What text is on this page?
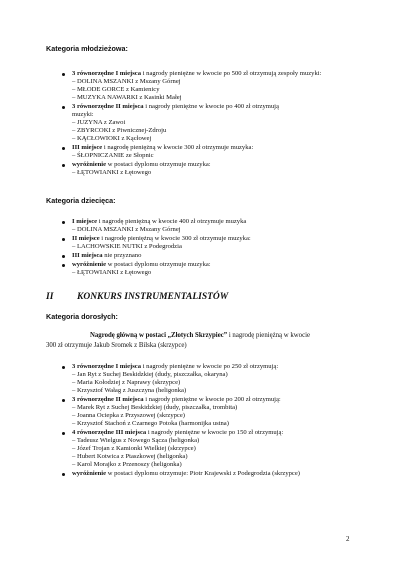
Kategoria młodzieżowa:
3 równorzędne I miejsca i nagrody pieniężne w kwocie po 500 zł otrzymują zespoły muzyki:
– DOLINA MSZANKI z Mszany Górnej
– MŁODE GORCE z Kamienicy
– MUZYKA NAWARKI z Kasinki Małej
3 równorzędne II miejsca i nagrody pieniężne w kwocie po 400 zł otrzymują
muzyki:
– JUZYNA z Zawoi
– ZBYRCOKI z Piwnicznej-Zdroju
– KĄCŁOWIOKI z Kącłowej
III miejsce i nagrodę pieniężną w kwocie 300 zł otrzymuje muzyka:
– ŚŁOPNICZANIE ze Słopnic
wyróżnienie w postaci dyplomu otrzymuje muzyka:
– ŁĘTOWIANKI z Łętowego
Kategoria dziecięca:
I miejsce i nagrodę pieniężną w kwocie 400 zł otrzymuje muzyka
– DOLINA MSZANKI z Mszany Górnej
II miejsce i nagrodę pieniężną w kwocie 300 zł otrzymuje muzyka:
– LACHOWSKIE NUTKI z Podegrodzia
III miejsca nie przyznano
wyróżnienie w postaci dyplomu otrzymuje muzyka:
– ŁĘTOWIANKI z Łętowego
II KONKURS INSTRUMENTALISTÓW
Kategoria dorosłych:
Nagrodę główną w postaci „Złotych Skrzypiec” i nagrodę pieniężną w kwocie
300 zł otrzymuje Jakub Sromek z Bilska (skrzypce)
3 równorzędne I miejsca i nagrody pieniężne w kwocie po 250 zł otrzymują:
– Jan Ryt z Suchej Beskidzkiej (dudy, piszczałka, okaryna)
– Maria Kołodziej z Naprawy (skrzypce)
– Krzysztof Wałag z Juszczyna (heligonka)
3 równorzędne II miejsca i nagrody pieniężne w kwocie po 200 zł otrzymują:
– Marek Ryt z Suchej Beskidzkiej (dudy, piszczałka, trombita)
– Joanna Ociepka z Przyszowej (skrzypce)
– Krzysztof Stachoń z Czarnego Potoka (harmonijka ustna)
4 równorzędne III miejsca i nagrody pieniężne w kwocie po 150 zł otrzymują:
– Tadeusz Wielgus z Nowego Sącza (heligonka)
– Józef Trojan z Kamionki Wielkiej (skrzypce)
– Hubert Kotwica z Ptaszkowej (heligonka)
– Karol Morajko z Przenoszy (heligonka)
wyróżnienie w postaci dyplomu otrzymuje: Piotr Krajewski z Podegrodzia (skrzypce)
2
